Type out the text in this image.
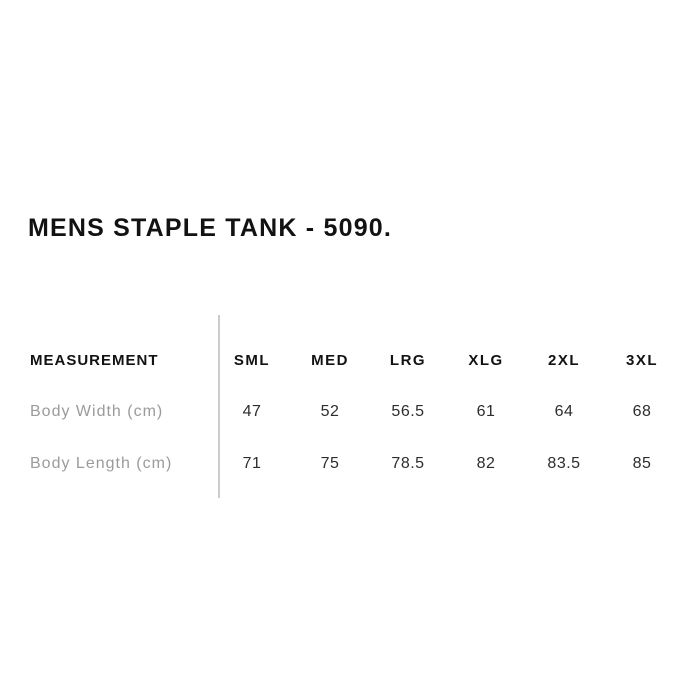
MENS STAPLE TANK - 5090.
MEASUREMENT	SML	MED	LRG	XLG	2XL	3XL
Body Width (cm)	47	52	56.5	61	64	68
Body Length (cm)	71	75	78.5	82	83.5	85
